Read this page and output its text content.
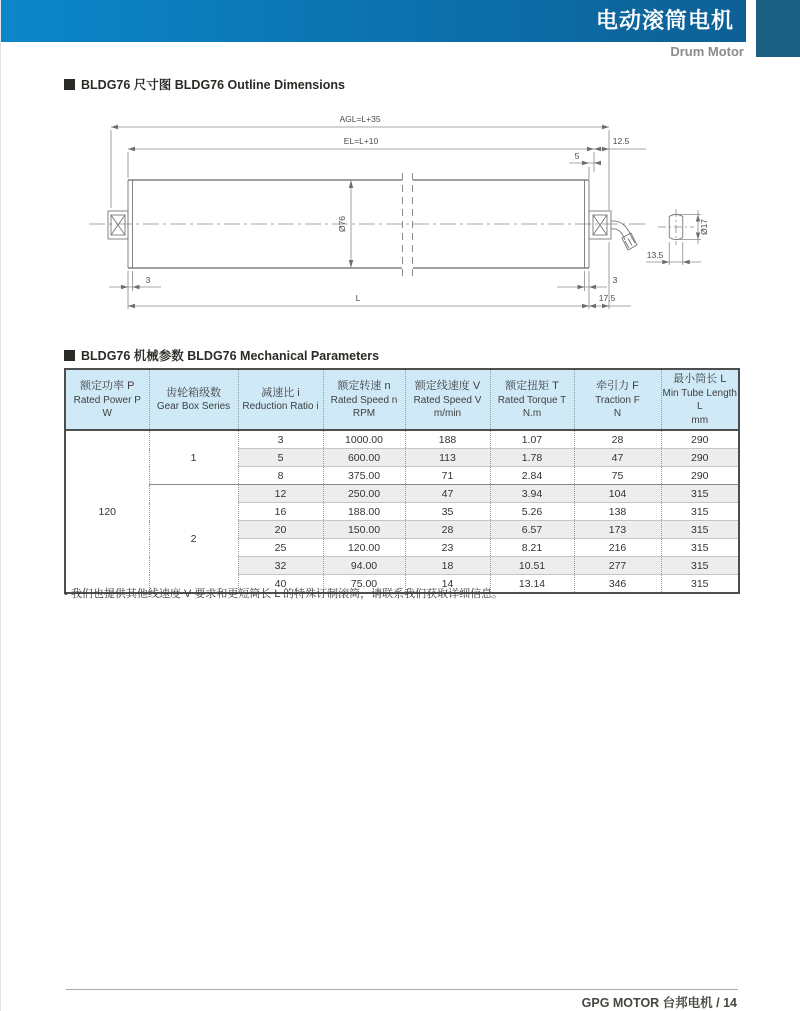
电动滚筒电机
Drum Motor
BLDG76 尺寸图 BLDG76 Outline Dimensions
Ø76
AGL=L+35
EL=L+10	12.5
5
3	3
L	17.5
Ø17
13.5
BLDG76 机械参数 BLDG76 Mechanical Parameters
额定功率 P
Rated Power P
W

齿轮箱级数
Gear Box Series

减速比 i
Reduction Ratio i

额定转速 n
Rated Speed n
RPM

额定线速度 V
Rated Speed V
m/min

额定扭矩 T
Rated Torque T
N.m

牵引力 F
Traction F
N

最小筒长 L
Min Tube Length L
mm

120	1	3	1000.00	188	1.07	28	290
		5	600.00	113	1.78	47	290
		8	375.00	71	2.84	75	290
	2	12	250.00	47	3.94	104	315
		16	188.00	35	5.26	138	315
		20	150.00	28	6.57	173	315
		25	120.00	23	8.21	216	315
		32	94.00	18	10.51	277	315
		40	75.00	14	13.14	346	315
• 我们也提供其他线速度 V 要求和更短筒长 L 的特殊订制滚筒，请联系我们获取详细信息。
GPG MOTOR 台邦电机 / 14
